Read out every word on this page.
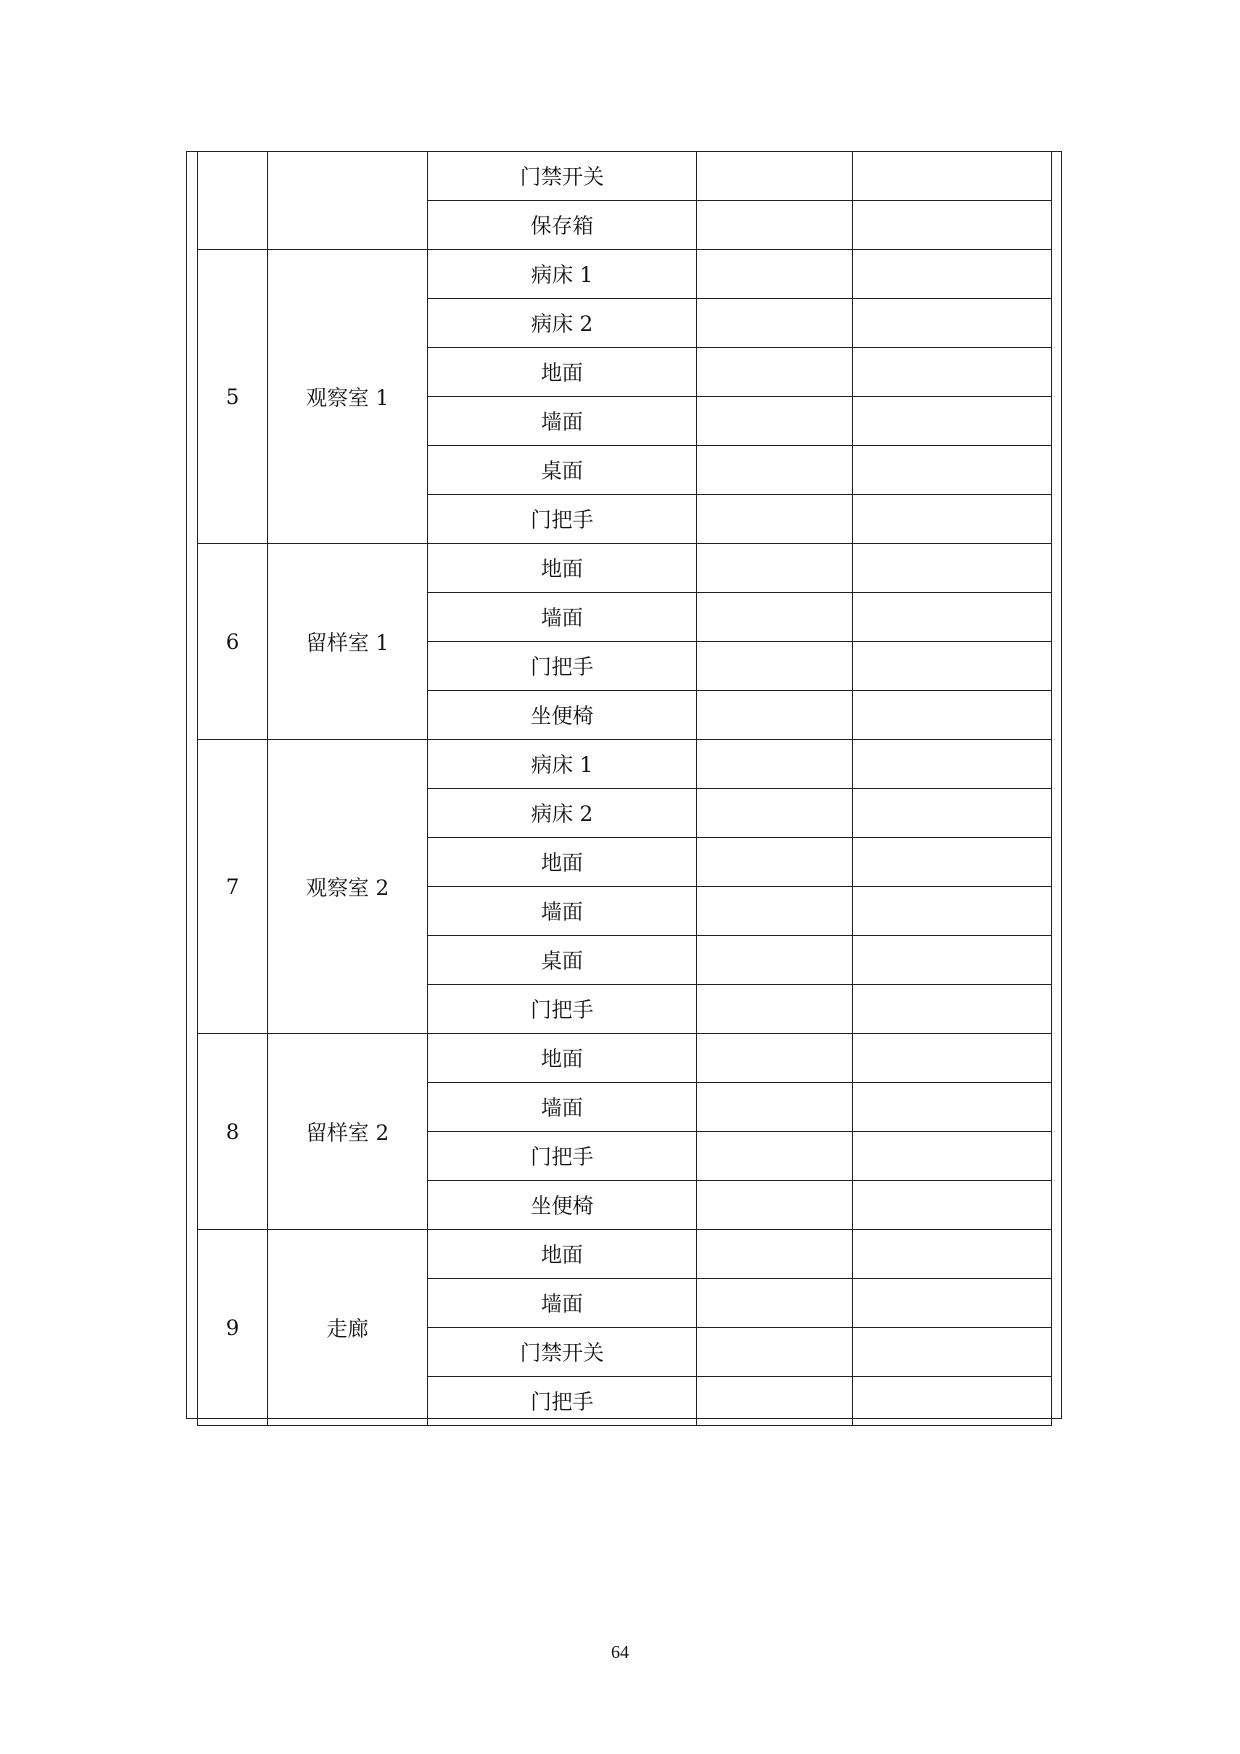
		门禁开关		
		保存箱		
5	观察室 1	病床 1		
		病床 2		
		地面		
		墙面		
		桌面		
		门把手		
6	留样室 1	地面		
		墙面		
		门把手		
		坐便椅		
7	观察室 2	病床 1		
		病床 2		
		地面		
		墙面		
		桌面		
		门把手		
8	留样室 2	地面		
		墙面		
		门把手		
		坐便椅		
9	走廊	地面		
		墙面		
		门禁开关		
		门把手		
64
